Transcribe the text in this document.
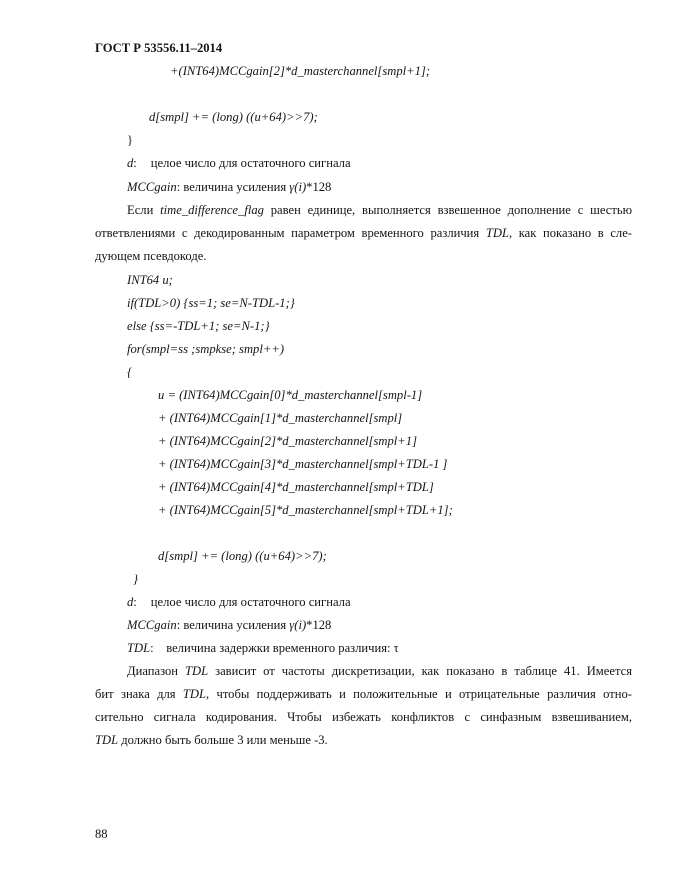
ГОСТ Р 53556.11–2014
+(INT64)MCCgain[2]*d_masterchannel[smpl+1];
d[smpl] += (long) ((u+64)>>7);
}
d: целое число для остаточного сигнала
MCCgain: величина усиления γ(i)*128
Если time_difference_flag равен единице, выполняется взвешенное дополнение с шестью
ответвлениями с декодированным параметром временного различия TDL, как показано в сле-
дующем псевдокоде.
INT64 u;
if(TDL>0) {ss=1; se=N-TDL-1;}
else {ss=-TDL+1; se=N-1;}
for(smpl=ss ;smpkse; smpl++)
{
u = (INT64)MCCgain[0]*d_masterchannel[smpl-1]
+ (INT64)MCCgain[1]*d_masterchannel[smpl]
+ (INT64)MCCgain[2]*d_masterchannel[smpl+1]
+ (INT64)MCCgain[3]*d_masterchannel[smpl+TDL-1 ]
+ (INT64)MCCgain[4]*d_masterchannel[smpl+TDL]
+ (INT64)MCCgain[5]*d_masterchannel[smpl+TDL+1];
d[smpl] += (long) ((u+64)>>7);
}
d: целое число для остаточного сигнала
MCCgain: величина усиления γ(i)*128
TDL:    величина задержки временного различия: τ
Диапазон TDL зависит от частоты дискретизации, как показано в таблице 41. Имеется
бит знака для TDL, чтобы поддерживать и положительные и отрицательные различия отно-
сительно сигнала кодирования. Чтобы избежать конфликтов с синфазным взвешиванием,
TDL должно быть больше 3 или меньше -3.
88
